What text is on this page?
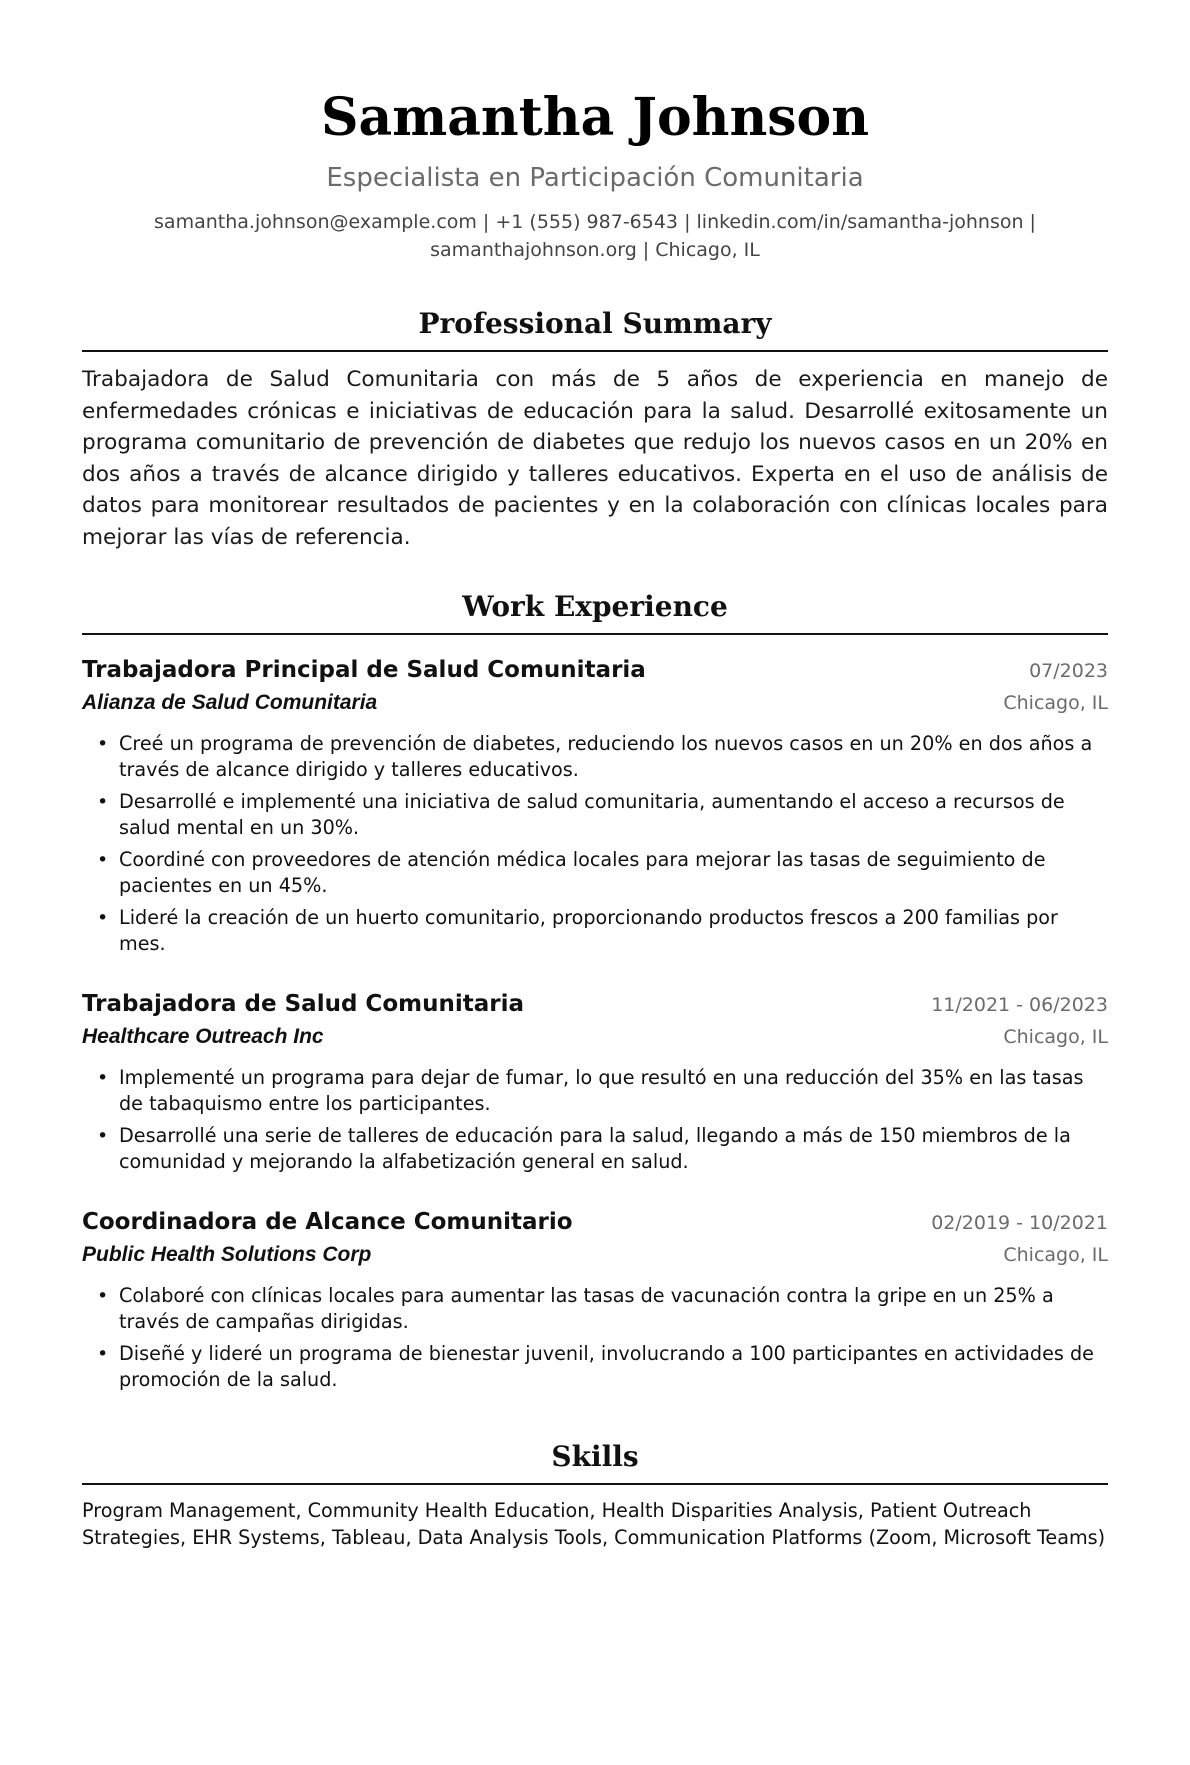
Samantha Johnson
Especialista en Participación Comunitaria
samantha.johnson@example.com | +1 (555) 987-6543 | linkedin.com/in/samantha-johnson |
samanthajohnson.org | Chicago, IL
Professional Summary
Trabajadora de Salud Comunitaria con más de 5 años de experiencia en manejo de enfermedades crónicas e iniciativas de educación para la salud. Desarrollé exitosamente un programa comunitario de prevención de diabetes que redujo los nuevos casos en un 20% en dos años a través de alcance dirigido y talleres educativos. Experta en el uso de análisis de datos para monitorear resultados de pacientes y en la colaboración con clínicas locales para mejorar las vías de referencia.
Work Experience
Trabajadora Principal de Salud Comunitaria	07/2023
Alianza de Salud Comunitaria	Chicago, IL
• Creé un programa de prevención de diabetes, reduciendo los nuevos casos en un 20% en dos años a través de alcance dirigido y talleres educativos.
• Desarrollé e implementé una iniciativa de salud comunitaria, aumentando el acceso a recursos de salud mental en un 30%.
• Coordiné con proveedores de atención médica locales para mejorar las tasas de seguimiento de pacientes en un 45%.
• Lideré la creación de un huerto comunitario, proporcionando productos frescos a 200 familias por mes.
Trabajadora de Salud Comunitaria	11/2021 - 06/2023
Healthcare Outreach Inc	Chicago, IL
• Implementé un programa para dejar de fumar, lo que resultó en una reducción del 35% en las tasas de tabaquismo entre los participantes.
• Desarrollé una serie de talleres de educación para la salud, llegando a más de 150 miembros de la comunidad y mejorando la alfabetización general en salud.
Coordinadora de Alcance Comunitario	02/2019 - 10/2021
Public Health Solutions Corp	Chicago, IL
• Colaboré con clínicas locales para aumentar las tasas de vacunación contra la gripe en un 25% a través de campañas dirigidas.
• Diseñé y lideré un programa de bienestar juvenil, involucrando a 100 participantes en actividades de promoción de la salud.
Skills
Program Management, Community Health Education, Health Disparities Analysis, Patient Outreach Strategies, EHR Systems, Tableau, Data Analysis Tools, Communication Platforms (Zoom, Microsoft Teams)
